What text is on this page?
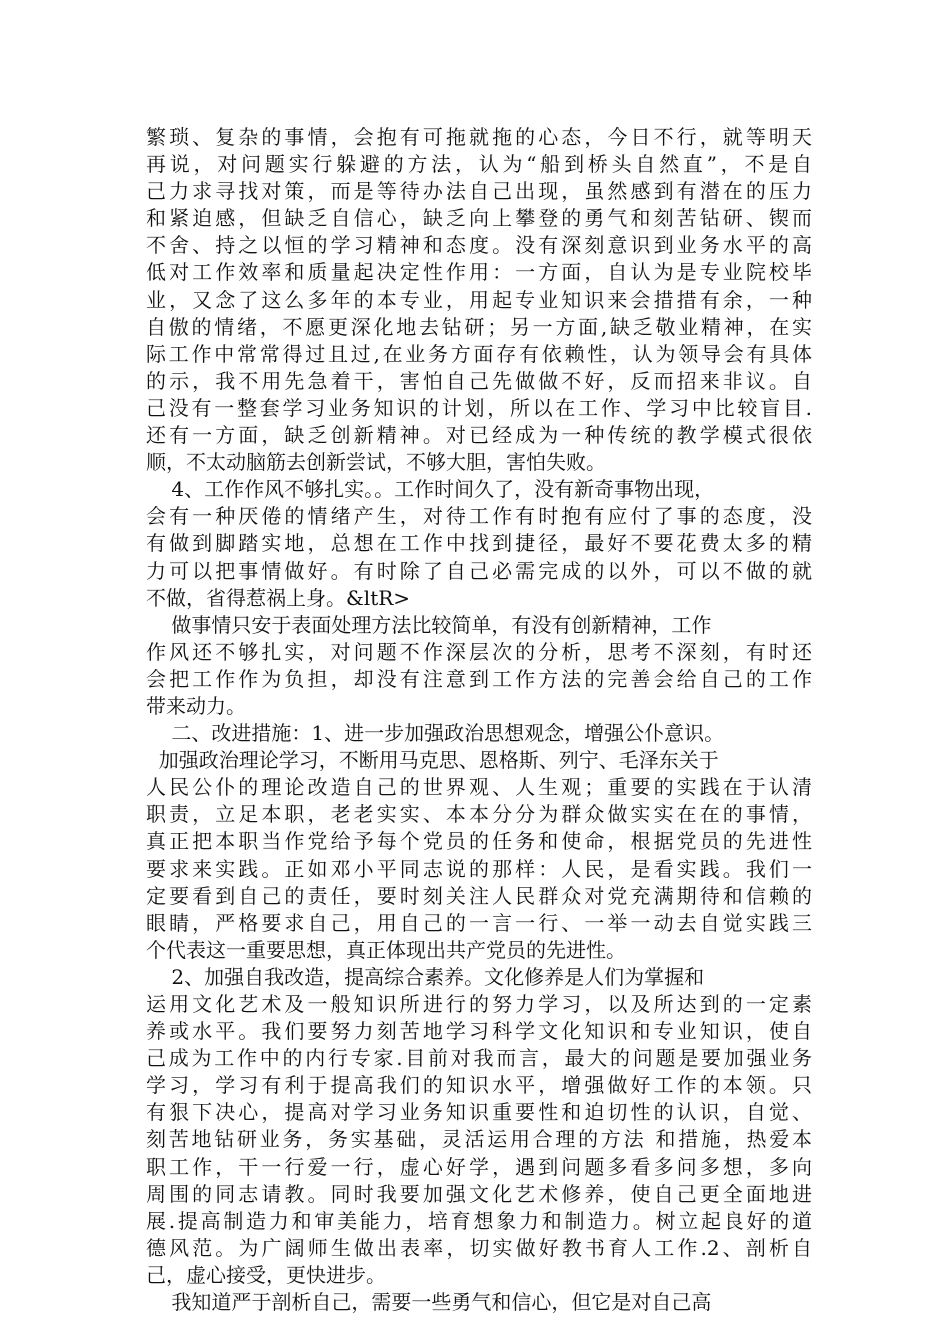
繁琐、复杂的事情，会抱有可拖就拖的心态，今日不行，就等明天
再说，对问题实行躲避的方法，认为“船到桥头自然直”，不是自
己力求寻找对策，而是等待办法自己出现，虽然感到有潜在的压力
和紧迫感，但缺乏自信心，缺乏向上攀登的勇气和刻苦钻研、锲而
不舍、持之以恒的学习精神和态度。没有深刻意识到业务水平的高
低对工作效率和质量起决定性作用：一方面，自认为是专业院校毕
业，又念了这么多年的本专业，用起专业知识来会措措有余，一种
自傲的情绪，不愿更深化地去钻研；另一方面,缺乏敬业精神，在实
际工作中常常得过且过,在业务方面存有依赖性，认为领导会有具体
的示，我不用先急着干，害怕自己先做做不好，反而招来非议。自
己没有一整套学习业务知识的计划，所以在工作、学习中比较盲目.
还有一方面，缺乏创新精神。对已经成为一种传统的教学模式很依
顺，不太动脑筋去创新尝试，不够大胆，害怕失败。
4、工作作风不够扎实。。工作时间久了，没有新奇事物出现，
会有一种厌倦的情绪产生，对待工作有时抱有应付了事的态度，没
有做到脚踏实地，总想在工作中找到捷径，最好不要花费太多的精
力可以把事情做好。有时除了自己必需完成的以外，可以不做的就
不做，省得惹祸上身。&ltR>
做事情只安于表面处理方法比较简单，有没有创新精神，工作
作风还不够扎实，对问题不作深层次的分析，思考不深刻，有时还
会把工作作为负担，却没有注意到工作方法的完善会给自己的工作
带来动力。
二、改进措施：1、进一步加强政治思想观念，增强公仆意识。
加强政治理论学习，不断用马克思、恩格斯、列宁、毛泽东关于
人民公仆的理论改造自己的世界观、人生观；重要的实践在于认清
职责，立足本职，老老实实、本本分分为群众做实实在在的事情，
真正把本职当作党给予每个党员的任务和使命，根据党员的先进性
要求来实践。正如邓小平同志说的那样：人民，是看实践。我们一
定要看到自己的责任，要时刻关注人民群众对党充满期待和信赖的
眼睛，严格要求自己，用自己的一言一行、一举一动去自觉实践三
个代表这一重要思想，真正体现出共产党员的先进性。
2、加强自我改造，提高综合素养。文化修养是人们为掌握和
运用文化艺术及一般知识所进行的努力学习，以及所达到的一定素
养或水平。我们要努力刻苦地学习科学文化知识和专业知识，使自
己成为工作中的内行专家.目前对我而言，最大的问题是要加强业务
学习，学习有利于提高我们的知识水平，增强做好工作的本领。只
有狠下决心，提高对学习业务知识重要性和迫切性的认识，自觉、
刻苦地钻研业务，务实基础，灵活运用合理的方法 和措施，热爱本
职工作，干一行爱一行，虚心好学，遇到问题多看多问多想，多向
周围的同志请教。同时我要加强文化艺术修养，使自己更全面地进
展.提高制造力和审美能力，培育想象力和制造力。树立起良好的道
德风范。为广阔师生做出表率，切实做好教书育人工作.2、剖析自
己，虚心接受，更快进步。
我知道严于剖析自己，需要一些勇气和信心，但它是对自己高
